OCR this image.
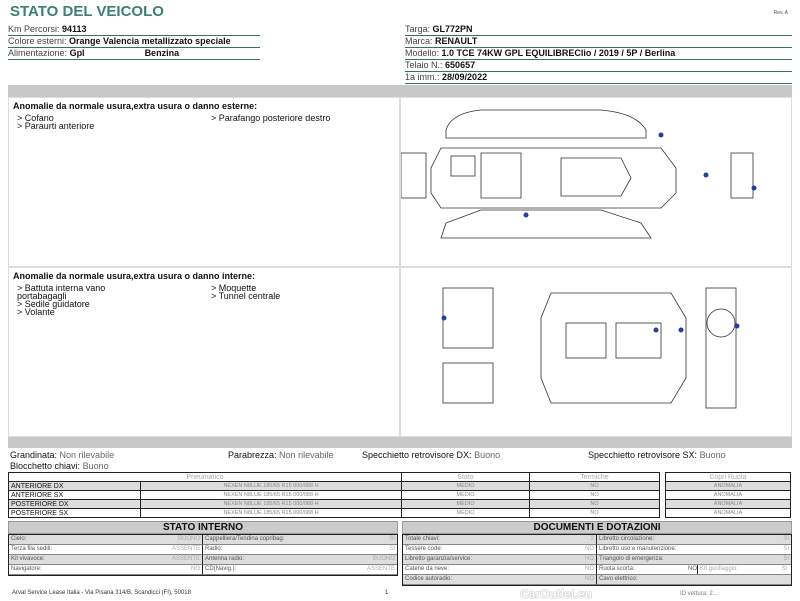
STATO DEL VEICOLO	Rev. A
Km Percorsi: 94113
Colore esterni: Orange Valencia metallizzato speciale
Alimentazione: Gpl	Benzina
Targa: GL772PN
Marca: RENAULT
Modello: 1.0 TCE 74KW GPL EQUILIBREClio / 2019 / 5P / Berlina
Telaio N.: 650657
1a imm.: 28/09/2022
Anomalie da normale usura,extra usura o danno esterne:
> Cofano
> Paraurti anteriore
> Parafango posteriore destro
Anomalie da normale usura,extra usura o danno interne:
> Battuta interna vano
portabagagli
> Sedile guidatore
> Volante
> Moquette
> Tunnel centrale
Grandinata: Non rilevabile	Parabrezza: Non rilevabile	Specchietto retrovisore DX: Buono	Specchietto retrovisore SX: Buono
Blocchetto chiavi: Buono
Pneumatico		Stato	Termiche
ANTERIORE DX	NEXEN N8LUE 185/65 R15 000/088 H	MEDIO	NO
ANTERIORE SX	NEXEN N8LUE 185/65 R15 000/088 H	MEDIO	NO
POSTERIORE DX	NEXEN N8LUE 185/65 R15 000/088 H	MEDIO	NO
POSTERIORE SX	NEXEN N8LUE 185/65 R15 000/088 H	MEDIO	NO
Copri Ruota
ANOMALIA
ANOMALIA
ANOMALIA
ANOMALIA
STATO INTERNO
Cielo:	BUONO Cappelliera/Tendina copribag:	SI
Terza fila sedili:	ASSENTE Radio:	SI
Kit vivavoce:	ASSENTE Antenna radio:	BUONO
Navigatore:	NO CD(Navig.):	ASSENTE
DOCUMENTI E DOTAZIONI
Totale chiavi:	2 Libretto circolazione:	SI
Tessere code:	NO Libretto uso e manutenzione:	SI
Libretto garanzia/service:	NO Triangolo di emergenza:	SI
Catene da neve:	NO Ruota scorta:	NO Kit gonfiaggio:	SI
Codice autoradio:	NO Cavo elettrico:
Arval Service Lease Italia - Via Pisana 314/B, Scandicci (FI), 50018	1	CarOutlet.eu	ID vettura: 2...
